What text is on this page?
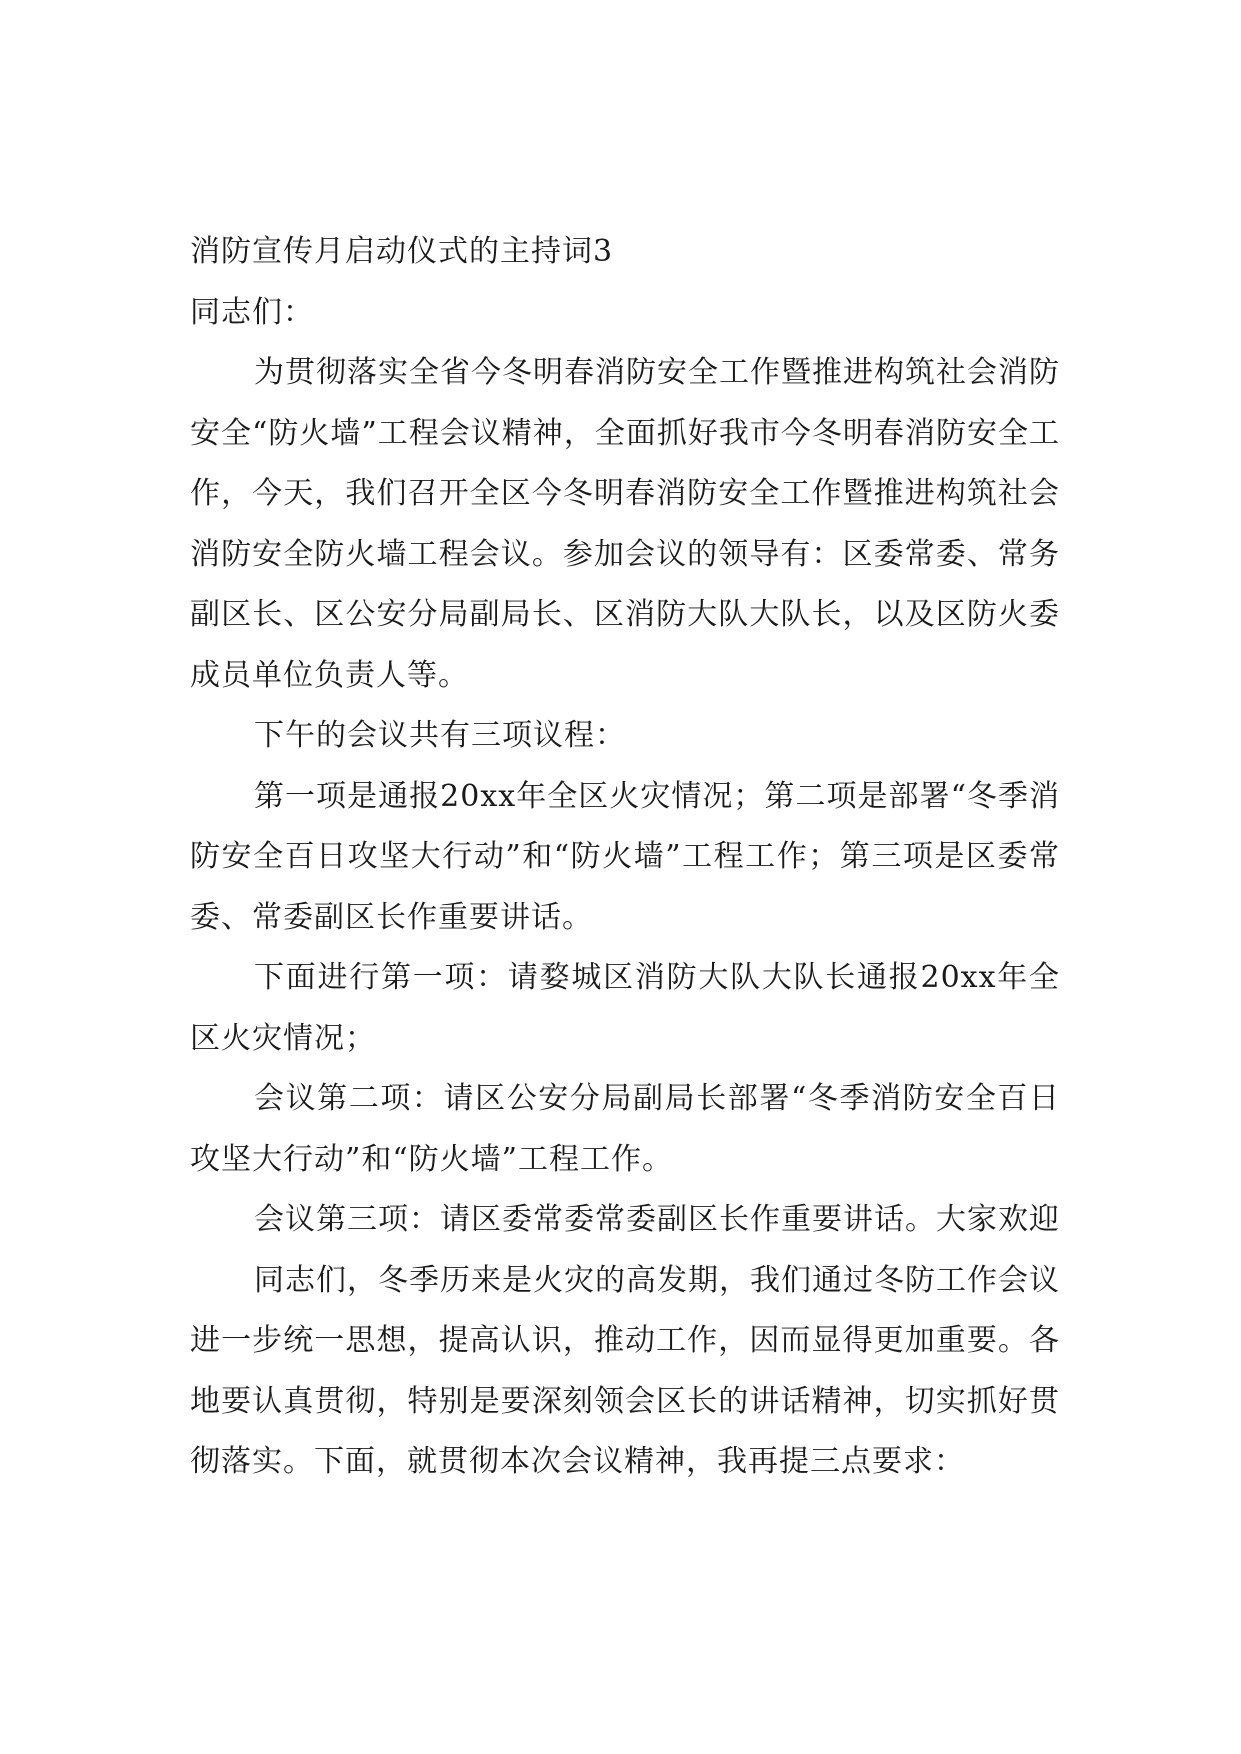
消防宣传月启动仪式的主持词3

同志们：

为贯彻落实全省今冬明春消防安全工作暨推进构筑社会消防安全“防火墙”工程会议精神，全面抓好我市今冬明春消防安全工作，今天，我们召开全区今冬明春消防安全工作暨推进构筑社会消防安全防火墙工程会议。参加会议的领导有：区委常委、常务副区长、区公安分局副局长、区消防大队大队长，以及区防火委成员单位负责人等。

下午的会议共有三项议程：

第一项是通报20xx年全区火灾情况；第二项是部署“冬季消防安全百日攻坚大行动”和“防火墙”工程工作；第三项是区委常委、常委副区长作重要讲话。

下面进行第一项：请婺城区消防大队大队长通报20xx年全区火灾情况；

会议第二项：请区公安分局副局长部署“冬季消防安全百日攻坚大行动”和“防火墙”工程工作。

会议第三项：请区委常委常委副区长作重要讲话。大家欢迎

同志们，冬季历来是火灾的高发期，我们通过冬防工作会议进一步统一思想，提高认识，推动工作，因而显得更加重要。各地要认真贯彻，特别是要深刻领会区长的讲话精神，切实抓好贯彻落实。下面，就贯彻本次会议精神，我再提三点要求：
